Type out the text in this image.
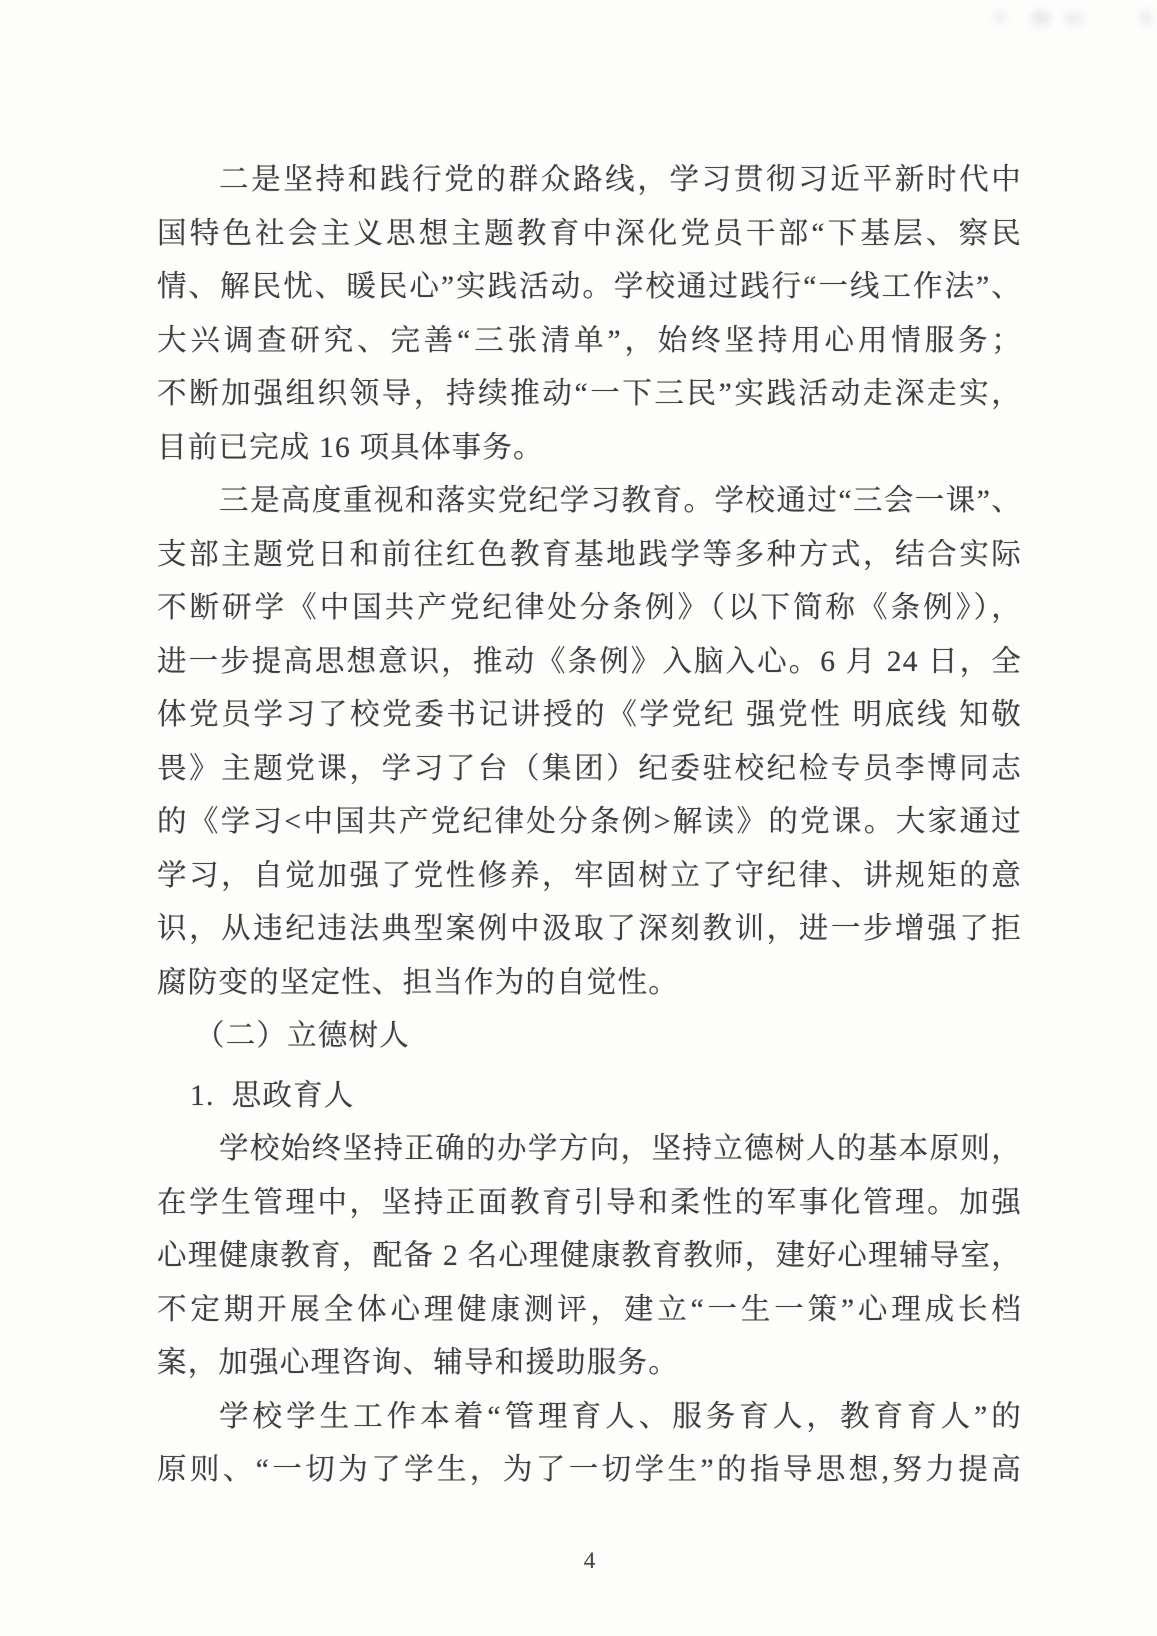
二是坚持和践行党的群众路线，学习贯彻习近平新时代中
国特色社会主义思想主题教育中深化党员干部“下基层、察民
情、解民忧、暖民心”实践活动。学校通过践行“一线工作法”、
大兴调查研究、完善“三张清单”，始终坚持用心用情服务；
不断加强组织领导，持续推动“一下三民”实践活动走深走实，
目前已完成 16 项具体事务。
三是高度重视和落实党纪学习教育。学校通过“三会一课”、
支部主题党日和前往红色教育基地践学等多种方式，结合实际
不断研学《中国共产党纪律处分条例》（以下简称《条例》），
进一步提高思想意识，推动《条例》入脑入心。6 月 24 日，全
体党员学习了校党委书记讲授的《学党纪 强党性 明底线 知敬
畏》主题党课，学习了台（集团）纪委驻校纪检专员李博同志
的《学习<中国共产党纪律处分条例>解读》的党课。大家通过
学习，自觉加强了党性修养，牢固树立了守纪律、讲规矩的意
识，从违纪违法典型案例中汲取了深刻教训，进一步增强了拒
腐防变的坚定性、担当作为的自觉性。
（二）立德树人
1.  思政育人
学校始终坚持正确的办学方向，坚持立德树人的基本原则，
在学生管理中，坚持正面教育引导和柔性的军事化管理。加强
心理健康教育，配备 2 名心理健康教育教师，建好心理辅导室，
不定期开展全体心理健康测评，建立“一生一策”心理成长档
案，加强心理咨询、辅导和援助服务。
学校学生工作本着“管理育人、服务育人，教育育人”的
原则、“一切为了学生，为了一切学生”的指导思想,努力提高
4
